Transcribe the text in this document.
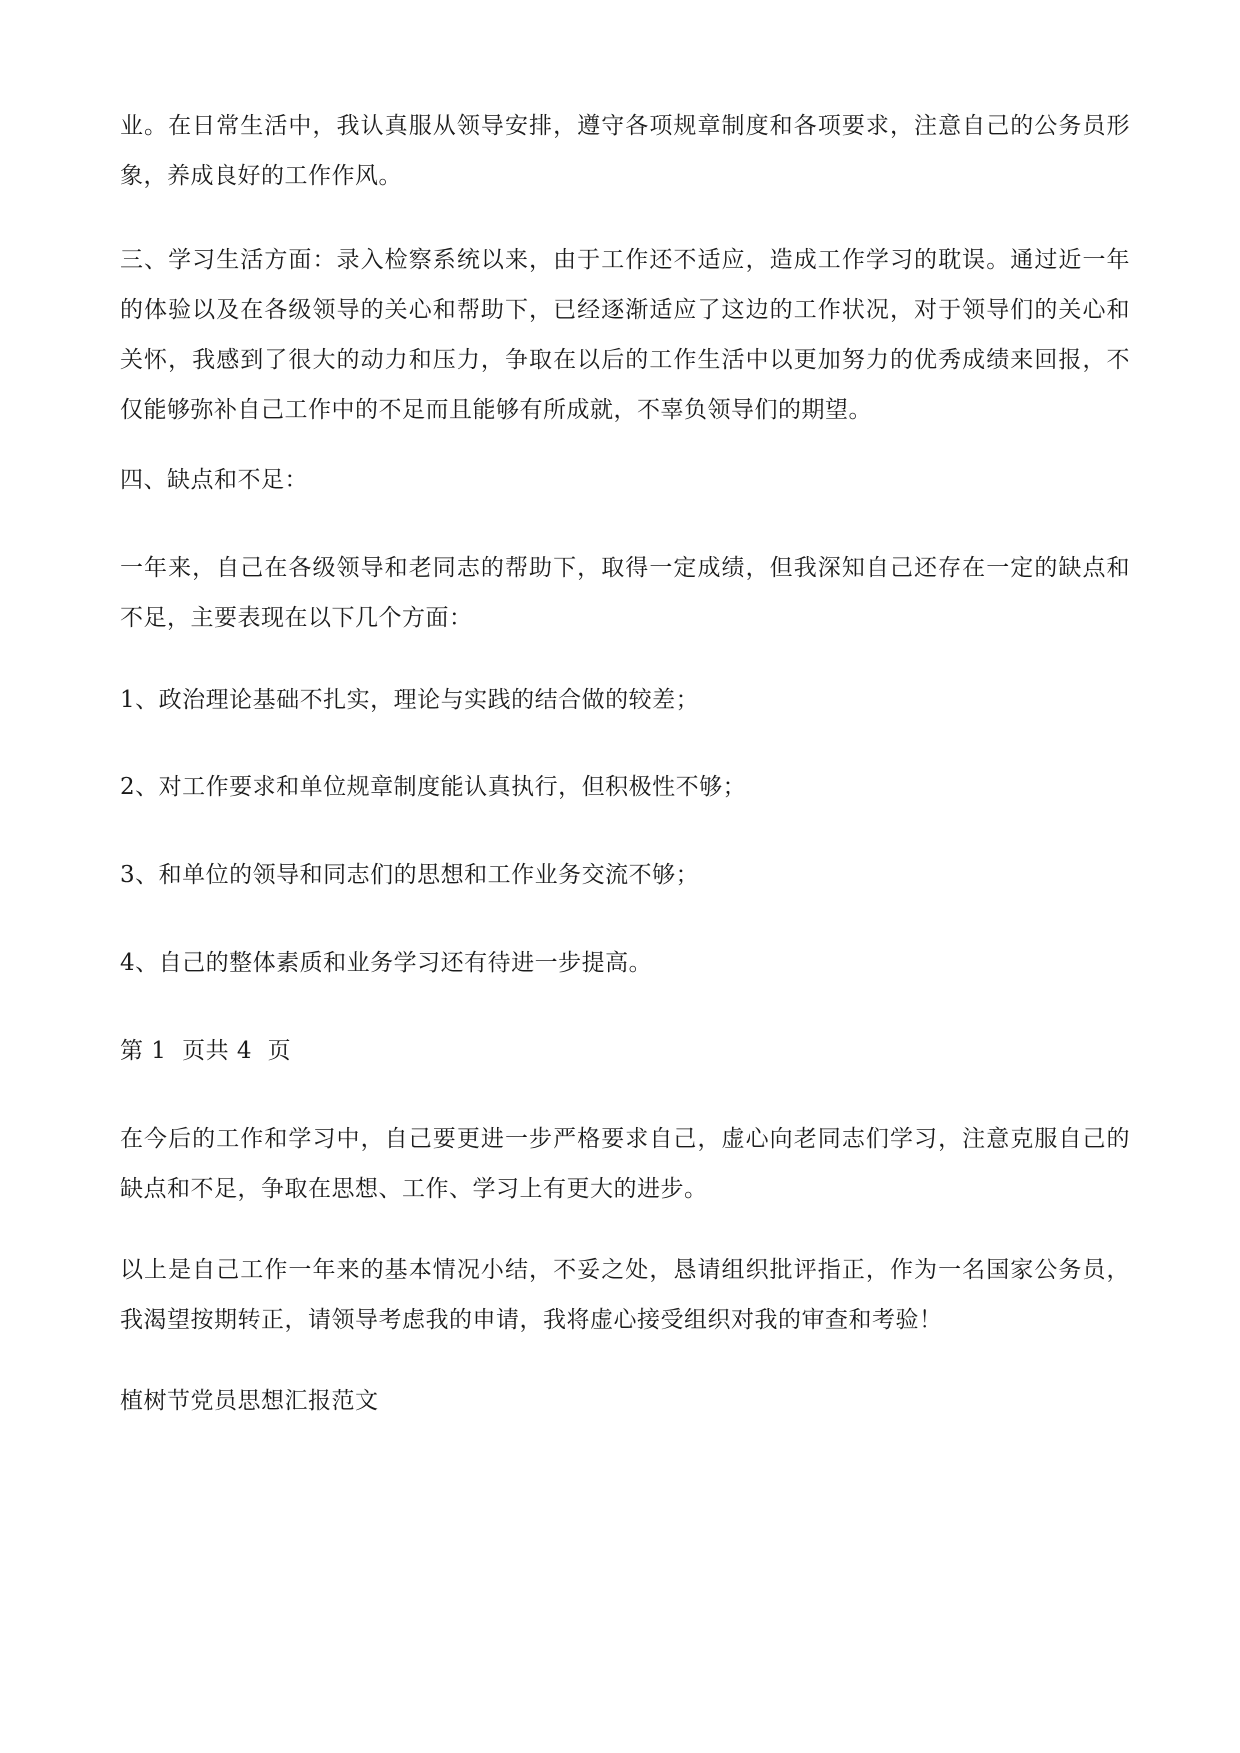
业。在日常生活中，我认真服从领导安排，遵守各项规章制度和各项要求，注意自己的公务员形象，养成良好的工作作风。

三、学习生活方面：录入检察系统以来，由于工作还不适应，造成工作学习的耽误。通过近一年的体验以及在各级领导的关心和帮助下，已经逐渐适应了这边的工作状况，对于领导们的关心和关怀，我感到了很大的动力和压力，争取在以后的工作生活中以更加努力的优秀成绩来回报，不仅能够弥补自己工作中的不足而且能够有所成就，不辜负领导们的期望。

四、缺点和不足：

一年来，自己在各级领导和老同志的帮助下，取得一定成绩，但我深知自己还存在一定的缺点和不足，主要表现在以下几个方面：

1、政治理论基础不扎实，理论与实践的结合做的较差；

2、对工作要求和单位规章制度能认真执行，但积极性不够；

3、和单位的领导和同志们的思想和工作业务交流不够；

4、自己的整体素质和业务学习还有待进一步提高。

第 1  页共 4  页

在今后的工作和学习中，自己要更进一步严格要求自己，虚心向老同志们学习，注意克服自己的缺点和不足，争取在思想、工作、学习上有更大的进步。

以上是自己工作一年来的基本情况小结，不妥之处，恳请组织批评指正，作为一名国家公务员，我渴望按期转正，请领导考虑我的申请，我将虚心接受组织对我的审查和考验！

植树节党员思想汇报范文
